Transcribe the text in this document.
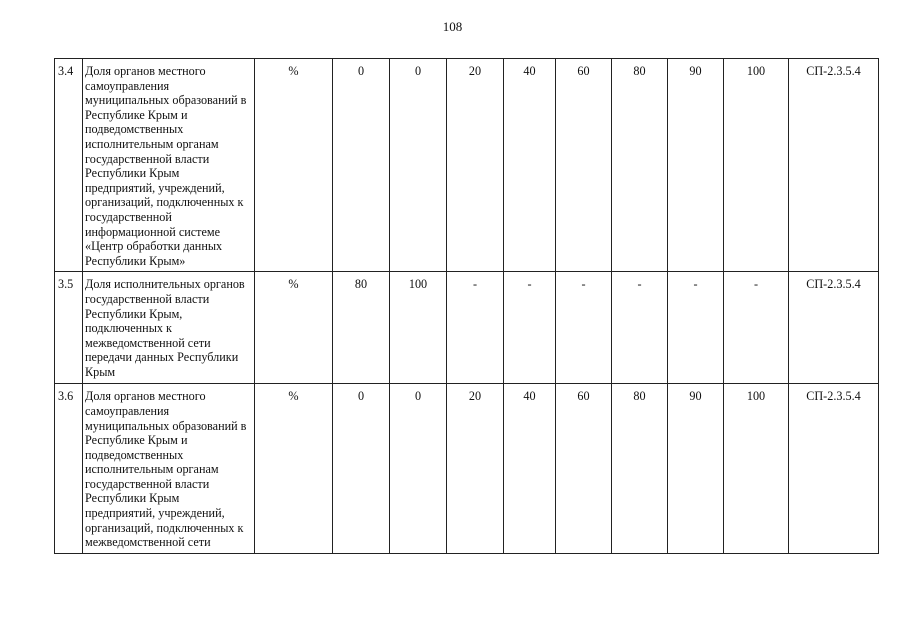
108
3.4	Доля органов местного самоуправления муниципальных образований в Республике Крым и подведомственных исполнительным органам государственной власти Республики Крым предприятий, учреждений, организаций, подключенных к государственной информационной системе «Центр обработки данных Республики Крым»	%	0	0	20	40	60	80	90	100	СП-2.3.5.4
3.5	Доля исполнительных органов государственной власти Республики Крым, подключенных к межведомственной сети передачи данных Республики Крым	%	80	100	-	-	-	-	-	-	СП-2.3.5.4
3.6	Доля органов местного самоуправления муниципальных образований в Республике Крым и подведомственных исполнительным органам государственной власти Республики Крым предприятий, учреждений, организаций, подключенных к межведомственной сети	%	0	0	20	40	60	80	90	100	СП-2.3.5.4
